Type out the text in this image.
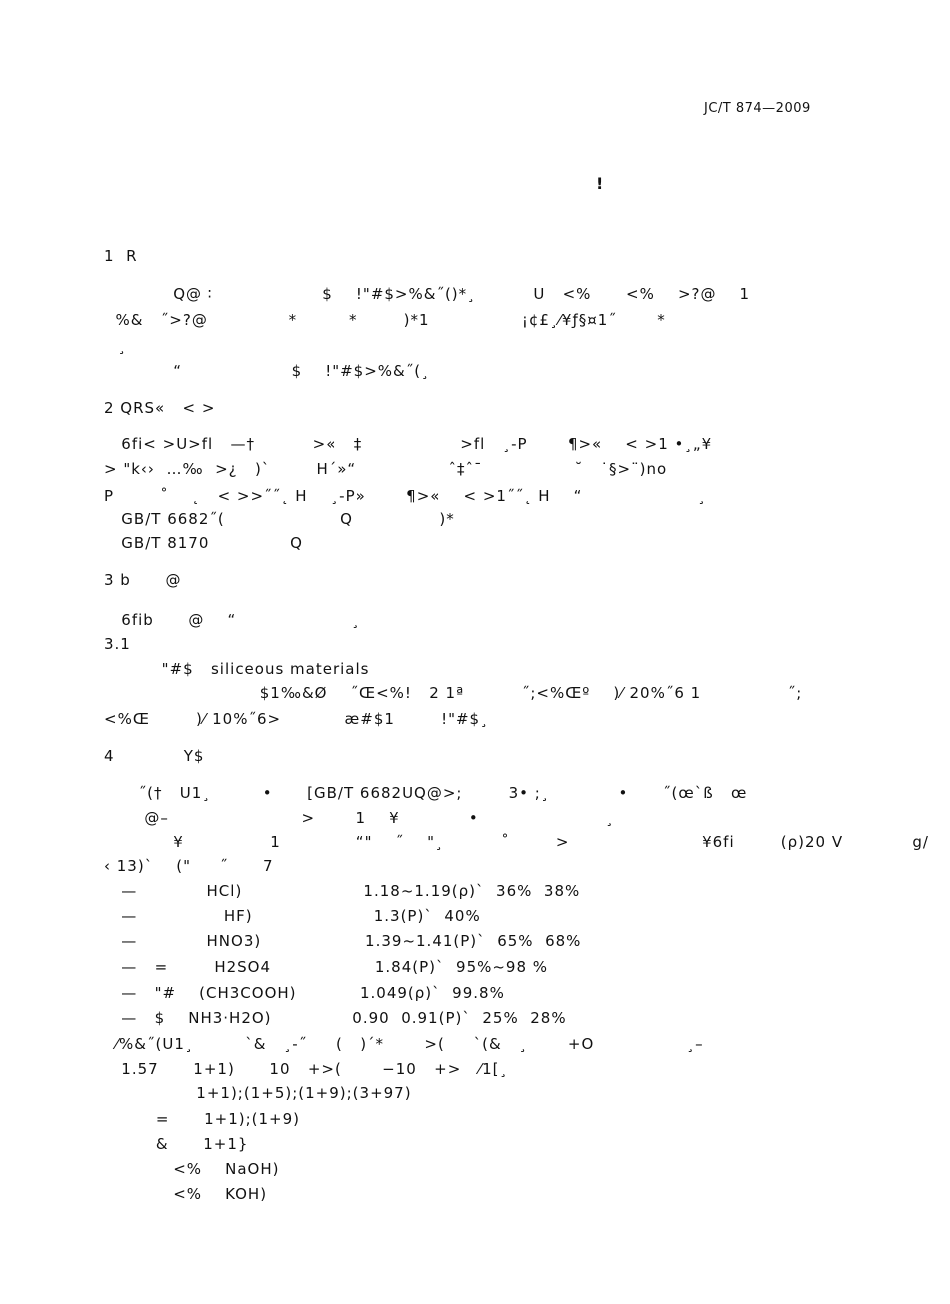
JC/T 874—2009
!
1  R
Q@ ∶                   $    !"#$>%&˝()*¸          U   <%      <%    >?@    1
%&   ˝>?@              *         *        )*1                ¡¢£¸⁄¥ƒ§¤1˝       *
¸
“                   $    !"#$>%&˝(¸
2 QRS«   < >
6fi< >U>fl   —†          >«   ‡                 >fl   ¸-P       ¶>«    < >1 •¸„¥
> "k‹›  …‰  >¿   )`        H´»“                ˆ‡ˆ¯                ˘   ˙§>¨)no
P        ˚    ˛   < >>˝˝˛ H    ¸-P»       ¶>«    < >1˝˝˛ H    “                    ¸
GB/T 6682˝(                    Q               )*
GB/T 8170              Q
3 b      @
6fib      @    “                    ¸
3.1
"#$   siliceous materials
$1‰&Ø    ˝Œ<%!   2 1ª          ˝;<%Œº    )⁄ 20%˝6 1               ˝;
<%Œ        )⁄ 10%˝6>           æ#$1        !"#$¸
4            Y$
˝(†   U1¸         •      [GB/T 6682UQ@>;        3• ;¸            •      ˝(œ`ß   œ
@–                       >       1    ¥            •                      ¸
¥               1             “"    ˝    "¸          ˚        >                       ¥6fi        (ρ)20 V            g/
‹ 13)`    ("     ˝      7
—            HCl)                     1.18~1.19(ρ)`  36%  38%
—               HF)                     1.3(P)`  40%
—            HNO3)                  1.39~1.41(P)`  65%  68%
—   =        H2SO4                  1.84(P)`  95%~98 %
—   "#    (CH3COOH)           1.049(ρ)`  99.8%
—   $    NH3·H2O)              0.90  0.91(P)`  25%  28%
⁄%&˝(U1¸         `&   ¸-˝     (   )´*       >(     `(&   ¸       +O                ¸–
1.57      1+1)      10   +>(       −10   +>   ⁄1[¸
1+1);(1+5);(1+9);(3+97)
=      1+1);(1+9)
&      1+1}
<%    NaOH)
<%    KOH)
